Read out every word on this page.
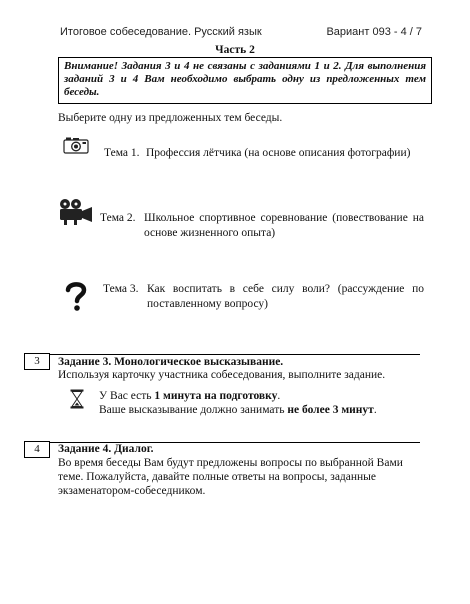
Итоговое собеседование. Русский язык	Вариант 093 - 4 / 7
Часть 2
Внимание! Задания 3 и 4 не связаны с заданиями 1 и 2. Для выполнения заданий 3 и 4 Вам необходимо выбрать одну из предложенных тем беседы.
Выберите одну из предложенных тем беседы.
Тема 1. Профессия лётчика (на основе описания фотографии)
Тема 2. Школьное спортивное соревнование (повествование на основе жизненного опыта)
Тема 3. Как воспитать в себе силу воли? (рассуждение по поставленному вопросу)
3	Задание 3. Монологическое высказывание.
Используя карточку участника собеседования, выполните задание.
У Вас есть 1 минута на подготовку.
Ваше высказывание должно занимать не более 3 минут.
4	Задание 4. Диалог.
Во время беседы Вам будут предложены вопросы по выбранной Вами теме. Пожалуйста, давайте полные ответы на вопросы, заданные экзаменатором-собеседником.
